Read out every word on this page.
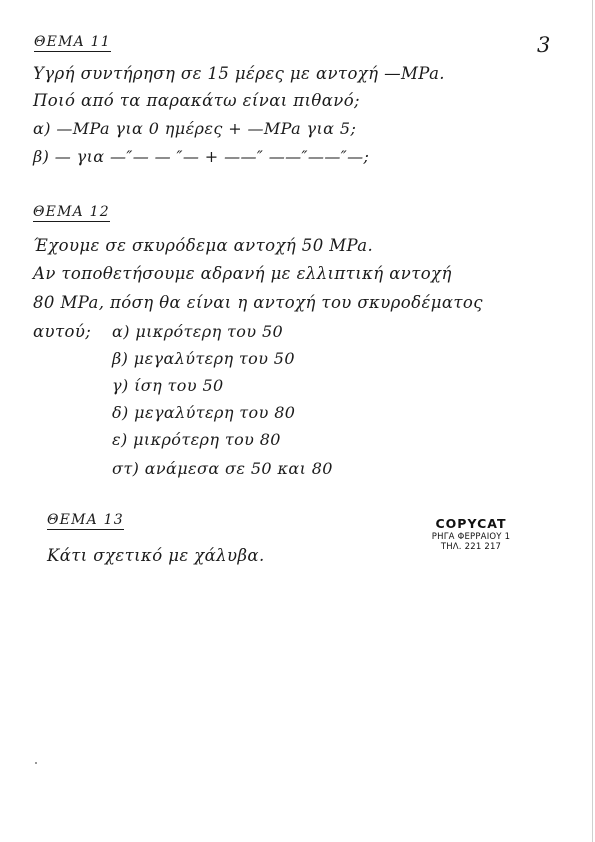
3
ΘΕΜΑ 11
Υγρή συντήρηση σε 15 μέρες με αντοχή —MPa.
Ποιό από τα παρακάτω είναι πιθανό;
α) —MPa για 0 ημέρες + —MPa για 5;
β) — για —″— — ″— + ——″ ——″——″—;
ΘΕΜΑ 12
Έχουμε σε σκυρόδεμα αντοχή 50 MPa.
Αν τοποθετήσουμε αδρανή με ελλιπτική αντοχή
80 MPa, πόση θα είναι η αντοχή του σκυροδέματος
αυτού; α) μικρότερη του 50
β) μεγαλύτερη του 50
γ) ίση του 50
δ) μεγαλύτερη του 80
ε) μικρότερη του 80
στ) ανάμεσα σε 50 και 80
ΘΕΜΑ 13
Κάτι σχετικό με χάλυβα.
COPYCAT
ΡΗΓΑ ΦΕΡΡΑΙΟΥ 1
ΤΗΛ. 221 217
